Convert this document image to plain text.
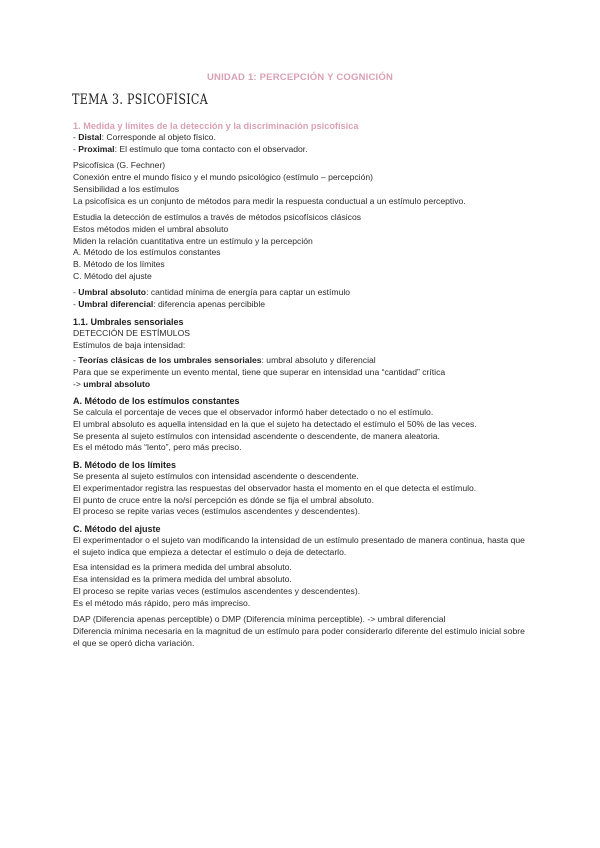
UNIDAD 1: PERCEPCIÓN Y COGNICIÓN
TEMA 3. PSICOFÍSICA

1. Medida y límites de la detección y la discriminación psicofísica

- Distal: Corresponde al objeto físico.

- Proximal: El estímulo que toma contacto con el observador.

Psicofísica (G. Fechner)

Conexión entre el mundo físico y el mundo psicológico (estímulo – percepción)

Sensibilidad a los estímulos

La psicofísica es un conjunto de métodos para medir la respuesta conductual a un estímulo perceptivo.

Estudia la detección de estímulos a través de métodos psicofísicos clásicos

Estos métodos miden el umbral absoluto

Miden la relación cuantitativa entre un estímulo y la percepción

A. Método de los estímulos constantes

B. Método de los límites

C. Método del ajuste

- Umbral absoluto: cantidad mínima de energía para captar un estímulo

- Umbral diferencial: diferencia apenas percibible

1.1. Umbrales sensoriales

DETECCIÓN DE ESTÍMULOS

Estímulos de baja intensidad:

- Teorías clásicas de los umbrales sensoriales: umbral absoluto y diferencial

Para que se experimente un evento mental, tiene que superar en intensidad una “cantidad” crítica

-> umbral absoluto

A. Método de los estímulos constantes

Se calcula el porcentaje de veces que el observador informó haber detectado o no el estímulo.

El umbral absoluto es aquella intensidad en la que el sujeto ha detectado el estímulo el 50% de las veces.

Se presenta al sujeto estímulos con intensidad ascendente o descendente, de manera aleatoria.

Es el método más “lento”, pero más preciso.

B. Método de los límites

Se presenta al sujeto estímulos con intensidad ascendente o descendente.

El experimentador registra las respuestas del observador hasta el momento en el que detecta el estímulo.

El punto de cruce entre la no/sí percepción es dónde se fija el umbral absoluto.

El proceso se repite varias veces (estímulos ascendentes y descendentes).

C. Método del ajuste

El experimentador o el sujeto van modificando la intensidad de un estímulo presentado de manera continua, hasta que el sujeto indica que empieza a detectar el estímulo o deja de detectarlo.

Esa intensidad es la primera medida del umbral absoluto.

Esa intensidad es la primera medida del umbral absoluto.

El proceso se repite varias veces (estímulos ascendentes y descendentes).

Es el método más rápido, pero más impreciso.

DAP (Diferencia apenas perceptible) o DMP (Diferencia mínima perceptible). -> umbral diferencial

Diferencia mínima necesaria en la magnitud de un estímulo para poder considerarlo diferente del estímulo inicial sobre el que se operó dicha variación.
